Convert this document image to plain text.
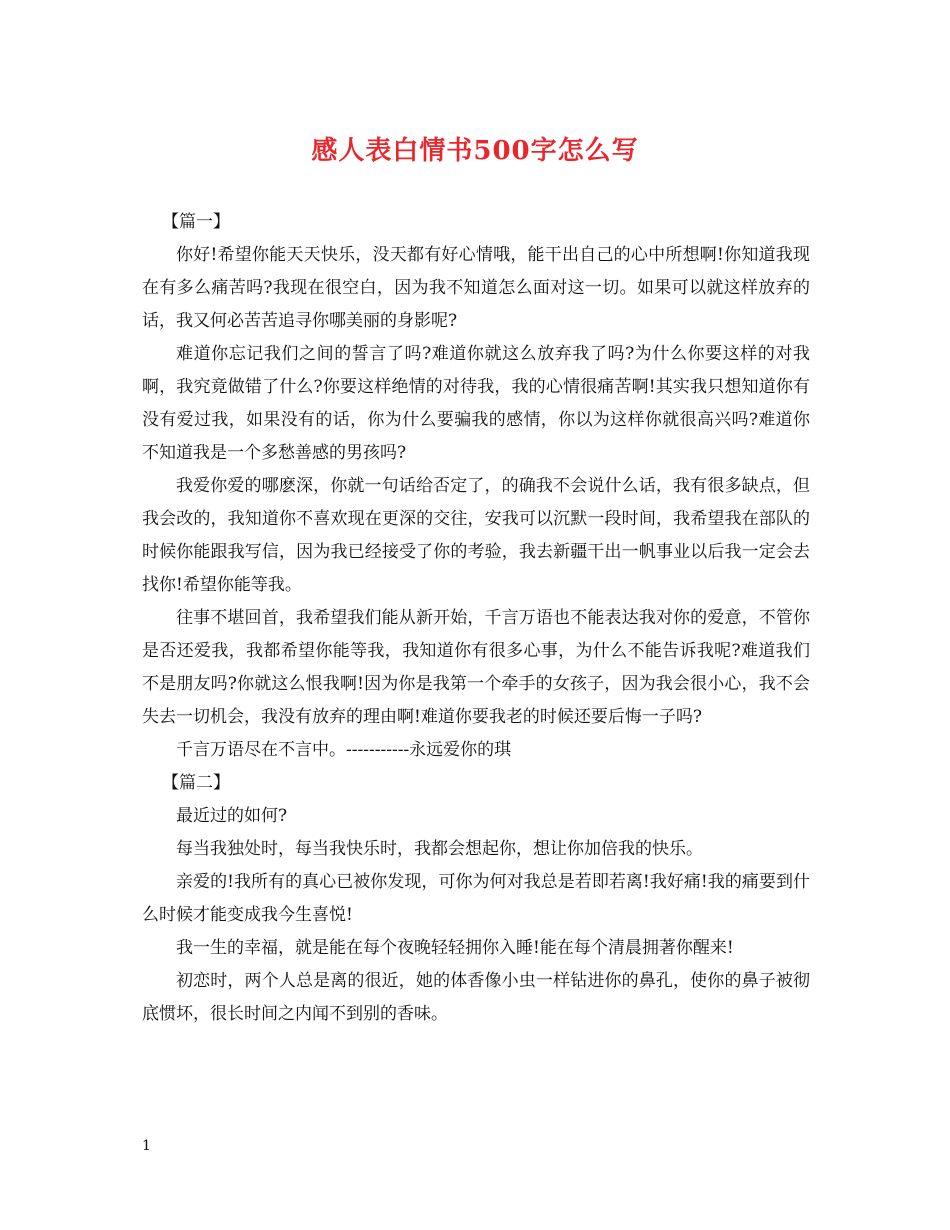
感人表白情书500字怎么写

【篇一】

你好!希望你能天天快乐，没天都有好心情哦，能干出自己的心中所想啊!你知道我现在有多么痛苦吗?我现在很空白，因为我不知道怎么面对这一切。如果可以就这样放弃的话，我又何必苦苦追寻你哪美丽的身影呢?

难道你忘记我们之间的誓言了吗?难道你就这么放弃我了吗?为什么你要这样的对我啊，我究竟做错了什么?你要这样绝情的对待我，我的心情很痛苦啊!其实我只想知道你有没有爱过我，如果没有的话，你为什么要骗我的感情，你以为这样你就很高兴吗?难道你不知道我是一个多愁善感的男孩吗?

我爱你爱的哪麽深，你就一句话给否定了，的确我不会说什么话，我有很多缺点，但我会改的，我知道你不喜欢现在更深的交往，安我可以沉默一段时间，我希望我在部队的时候你能跟我写信，因为我已经接受了你的考验，我去新疆干出一帆事业以后我一定会去找你!希望你能等我。

往事不堪回首，我希望我们能从新开始，千言万语也不能表达我对你的爱意，不管你是否还爱我，我都希望你能等我，我知道你有很多心事，为什么不能告诉我呢?难道我们不是朋友吗?你就这么恨我啊!因为你是我第一个牵手的女孩子，因为我会很小心，我不会失去一切机会，我没有放弃的理由啊!难道你要我老的时候还要后悔一子吗?

千言万语尽在不言中。-----------永远爱你的琪

【篇二】

最近过的如何?

每当我独处时，每当我快乐时，我都会想起你，想让你加倍我的快乐。

亲爱的!我所有的真心已被你发现，可你为何对我总是若即若离!我好痛!我的痛要到什么时候才能变成我今生喜悦!

我一生的幸福，就是能在每个夜晚轻轻拥你入睡!能在每个清晨拥著你醒来!

初恋时，两个人总是离的很近，她的体香像小虫一样钻进你的鼻孔，使你的鼻子被彻底惯坏，很长时间之内闻不到别的香味。

1
